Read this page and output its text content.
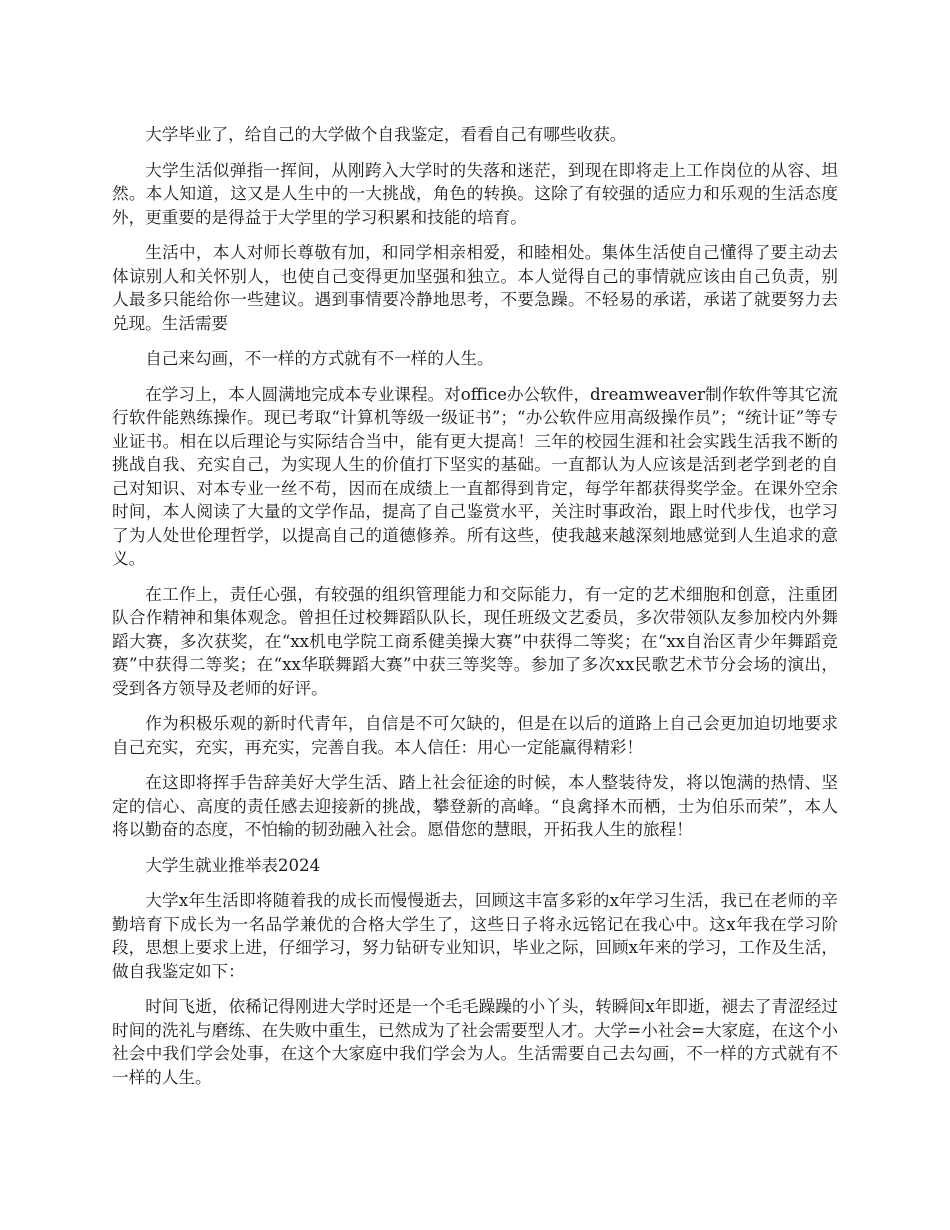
大学毕业了，给自己的大学做个自我鉴定，看看自己有哪些收获。

大学生活似弹指一挥间，从刚跨入大学时的失落和迷茫，到现在即将走上工作岗位的从容、坦然。本人知道，这又是人生中的一大挑战，角色的转换。这除了有较强的适应力和乐观的生活态度外，更重要的是得益于大学里的学习积累和技能的培育。

生活中，本人对师长尊敬有加，和同学相亲相爱，和睦相处。集体生活使自己懂得了要主动去体谅别人和关怀别人，也使自己变得更加坚强和独立。本人觉得自己的事情就应该由自己负责，别人最多只能给你一些建议。遇到事情要冷静地思考，不要急躁。不轻易的承诺，承诺了就要努力去兑现。生活需要

自己来勾画，不一样的方式就有不一样的人生。

在学习上，本人圆满地完成本专业课程。对office办公软件，dreamweaver制作软件等其它流行软件能熟练操作。现已考取“计算机等级一级证书”；“办公软件应用高级操作员”；“统计证”等专业证书。相在以后理论与实际结合当中，能有更大提高！三年的校园生涯和社会实践生活我不断的挑战自我、充实自己，为实现人生的价值打下坚实的基础。一直都认为人应该是活到老学到老的自己对知识、对本专业一丝不苟，因而在成绩上一直都得到肯定，每学年都获得奖学金。在课外空余时间，本人阅读了大量的文学作品，提高了自己鉴赏水平，关注时事政治，跟上时代步伐，也学习了为人处世伦理哲学，以提高自己的道德修养。所有这些，使我越来越深刻地感觉到人生追求的意义。

在工作上，责任心强，有较强的组织管理能力和交际能力，有一定的艺术细胞和创意，注重团队合作精神和集体观念。曾担任过校舞蹈队队长，现任班级文艺委员，多次带领队友参加校内外舞蹈大赛，多次获奖，在“xx机电学院工商系健美操大赛”中获得二等奖；在“xx自治区青少年舞蹈竞赛”中获得二等奖；在“xx华联舞蹈大赛”中获三等奖等。参加了多次xx民歌艺术节分会场的演出，受到各方领导及老师的好评。

作为积极乐观的新时代青年，自信是不可欠缺的，但是在以后的道路上自己会更加迫切地要求自己充实，充实，再充实，完善自我。本人信任：用心一定能赢得精彩！

在这即将挥手告辞美好大学生活、踏上社会征途的时候，本人整装待发，将以饱满的热情、坚定的信心、高度的责任感去迎接新的挑战，攀登新的高峰。“良禽择木而栖，士为伯乐而荣”，本人将以勤奋的态度，不怕输的韧劲融入社会。愿借您的慧眼，开拓我人生的旅程！

大学生就业推举表2024

大学x年生活即将随着我的成长而慢慢逝去，回顾这丰富多彩的x年学习生活，我已在老师的辛勤培育下成长为一名品学兼优的合格大学生了，这些日子将永远铭记在我心中。这x年我在学习阶段，思想上要求上进，仔细学习，努力钻研专业知识，毕业之际，回顾x年来的学习，工作及生活，做自我鉴定如下：

时间飞逝，依稀记得刚进大学时还是一个毛毛躁躁的小丫头，转瞬间x年即逝，褪去了青涩经过时间的洗礼与磨练、在失败中重生，已然成为了社会需要型人才。大学=小社会=大家庭，在这个小社会中我们学会处事，在这个大家庭中我们学会为人。生活需要自己去勾画，不一样的方式就有不一样的人生。
